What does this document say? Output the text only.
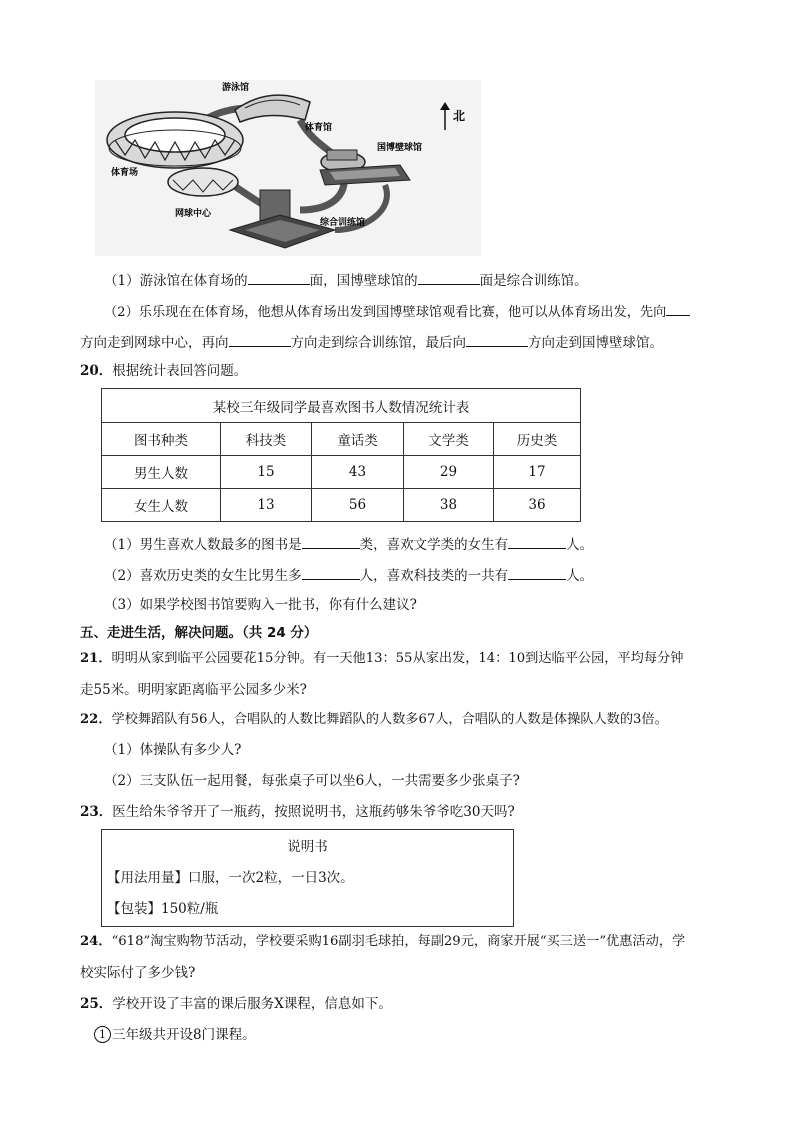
游泳馆
体育馆
体育场
国博壁球馆
网球中心
综合训练馆
北
（1）游泳馆在体育场的	面，国博壁球馆的	面是综合训练馆。
（2）乐乐现在在体育场，他想从体育场出发到国博壁球馆观看比赛，他可以从体育场出发，先向
方向走到网球中心，再向	方向走到综合训练馆，最后向	方向走到国博壁球馆。
20．根据统计表回答问题。
某校三年级同学最喜欢图书人数情况统计表				
图书种类	科技类	童话类	文学类	历史类
男生人数	15	43	29	17
女生人数	13	56	38	36
（1）男生喜欢人数最多的图书是	类，喜欢文学类的女生有	人。
（2）喜欢历史类的女生比男生多	人，喜欢科技类的一共有	人。
（3）如果学校图书馆要购入一批书，你有什么建议?
五、走进生活，解决问题。（共 24 分）
21．明明从家到临平公园要花15分钟。有一天他13：55从家出发，14：10到达临平公园，平均每分钟
走55米。明明家距离临平公园多少米?
22．学校舞蹈队有56人，合唱队的人数比舞蹈队的人数多67人，合唱队的人数是体操队人数的3倍。
（1）体操队有多少人?
（2）三支队伍一起用餐，每张桌子可以坐6人，一共需要多少张桌子?
23．医生给朱爷爷开了一瓶药，按照说明书，这瓶药够朱爷爷吃30天吗?
说明书
【用法用量】口服，一次2粒，一日3次。
【包装】150粒/瓶
24．“618”淘宝购物节活动，学校要采购16副羽毛球拍，每副29元，商家开展“买三送一”优惠活动，学
校实际付了多少钱?
25．学校开设了丰富的课后服务X课程，信息如下。
1 三年级共开设8门课程。
